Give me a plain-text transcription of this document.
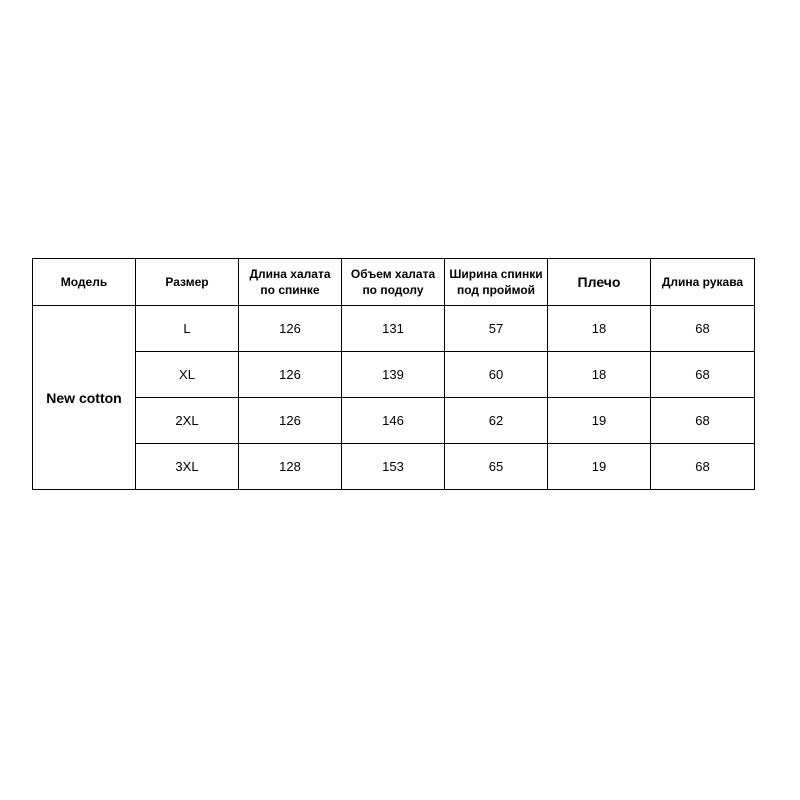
Модель	Размер	Длина халата по спинке	Объем халата по подолу	Ширина спинки под проймой	Плечо	Длина рукава
New cotton	L	126	131	57	18	68
	XL	126	139	60	18	68
	2XL	126	146	62	19	68
	3XL	128	153	65	19	68
